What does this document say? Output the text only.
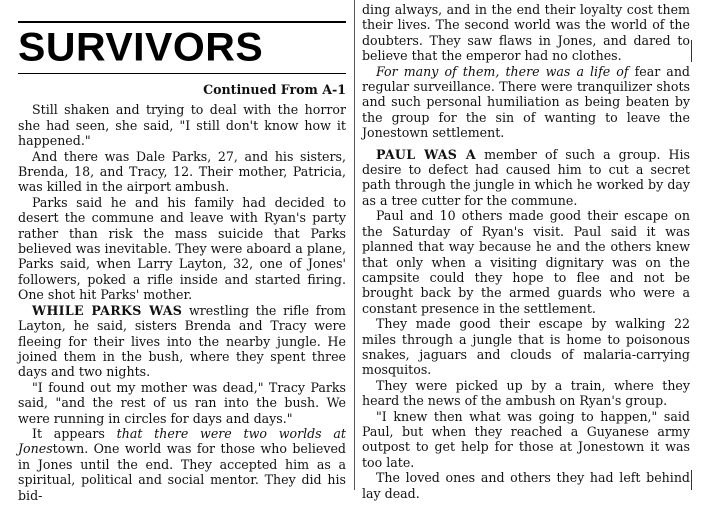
SURVIVORS
Continued From A-1

Still shaken and trying to deal with the horror she had seen, she said, "I still don't know how it happened."

And there was Dale Parks, 27, and his sisters, Brenda, 18, and Tracy, 12. Their mother, Patricia, was killed in the airport ambush.

Parks said he and his family had decided to desert the commune and leave with Ryan's party rather than risk the mass suicide that Parks believed was inevitable. They were aboard a plane, Parks said, when Larry Layton, 32, one of Jones' followers, poked a rifle inside and started firing. One shot hit Parks' mother.

WHILE PARKS WAS wrestling the rifle from Layton, he said, sisters Brenda and Tracy were fleeing for their lives into the nearby jungle. He joined them in the bush, where they spent three days and two nights.

"I found out my mother was dead," Tracy Parks said, "and the rest of us ran into the bush. We were running in circles for days and days."

It appears that there were two worlds at Jonestown. One world was for those who believed in Jones until the end. They accepted him as a spiritual, political and social mentor. They did his bid-

ding always, and in the end their loyalty cost them their lives. The second world was the world of the doubters. They saw flaws in Jones, and dared to believe that the emperor had no clothes.

For many of them, there was a life of fear and regular surveillance. There were tranquilizer shots and such personal humiliation as being beaten by the group for the sin of wanting to leave the Jonestown settlement.

PAUL WAS A member of such a group. His desire to defect had caused him to cut a secret path through the jungle in which he worked by day as a tree cutter for the commune.

Paul and 10 others made good their escape on the Saturday of Ryan's visit. Paul said it was planned that way because he and the others knew that only when a visiting dignitary was on the campsite could they hope to flee and not be brought back by the armed guards who were a constant presence in the settlement.

They made good their escape by walking 22 miles through a jungle that is home to poisonous snakes, jaguars and clouds of malaria-carrying mosquitos.

They were picked up by a train, where they heard the news of the ambush on Ryan's group.

"I knew then what was going to happen," said Paul, but when they reached a Guyanese army outpost to get help for those at Jonestown it was too late.

The loved ones and others they had left behind lay dead.
